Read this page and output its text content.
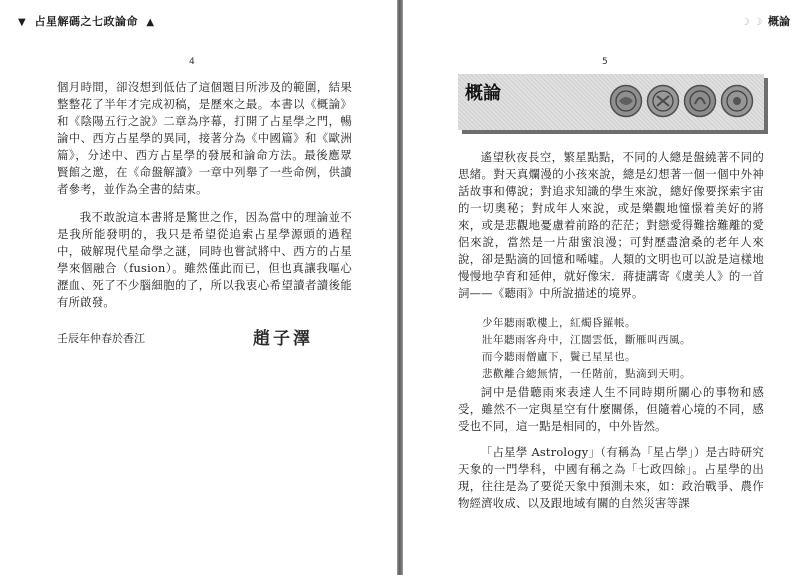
▼ 占星解碼之七政論命 ▲
4

個月時間，卻沒想到低估了這個題目所涉及的範圍，結果整整花了半年才完成初稿，是歷來之最。本書以《概論》和《陰陽五行之說》二章為序幕，打開了占星學之門，暢論中、西方占星學的異同，接著分為《中國篇》和《歐洲篇》，分述中、西方占星學的發展和論命方法。最後應眾賢館之邀，在《命盤解讀》一章中列舉了一些命例，供讀者參考，並作為全書的結束。

我不敢說這本書將是驚世之作，因為當中的理論並不是我所能發明的，我只是希望從追索占星學源頭的過程中，破解現代星命學之謎，同時也嘗試將中、西方的占星學來個融合（fusion）。雖然僅此而已，但也真讓我嘔心瀝血、死了不少腦細胞的了，所以我衷心希望讀者讀後能有所啟發。

壬辰年仲春於香江	趙子澤
☽ ☽ 概論
5
概論

遙望秋夜長空，繁星點點，不同的人總是盤繞著不同的思緒。對天真爛漫的小孩來說，總是幻想著一個一個中外神話故事和傳說；對追求知識的學生來說，總好像要探索宇宙的一切奧秘；對成年人來說，或是樂觀地憧憬着美好的將來，或是悲觀地憂慮着前路的茫茫；對戀愛得難捨難離的愛侶來說，當然是一片甜蜜浪漫；可對歷盡滄桑的老年人來說，卻是點滴的回憶和唏噓。人類的文明也可以說是這樣地慢慢地孕育和延伸，就好像宋．蔣捷講寄《虞美人》的一首詞——《聽雨》中所說描述的境界。

少年聽雨歌樓上，紅燭昏羅帳。
壯年聽雨客舟中，江闊雲低，斷雁叫西風。
而今聽雨僧廬下，鬢已星星也。
悲歡離合總無情，一任階前，點滴到天明。

詞中是借聽雨來表達人生不同時期所關心的事物和感受，雖然不一定與星空有什麼關係，但隨着心境的不同，感受也不同，這一點是相同的，中外皆然。

「占星學 Astrology」（有稱為「星占學」）是古時研究天象的一門學科，中國有稱之為「七政四餘」。占星學的出現，往往是為了要從天象中預測未來，如：政治戰爭、農作物經濟收成、以及跟地域有關的自然災害等課
